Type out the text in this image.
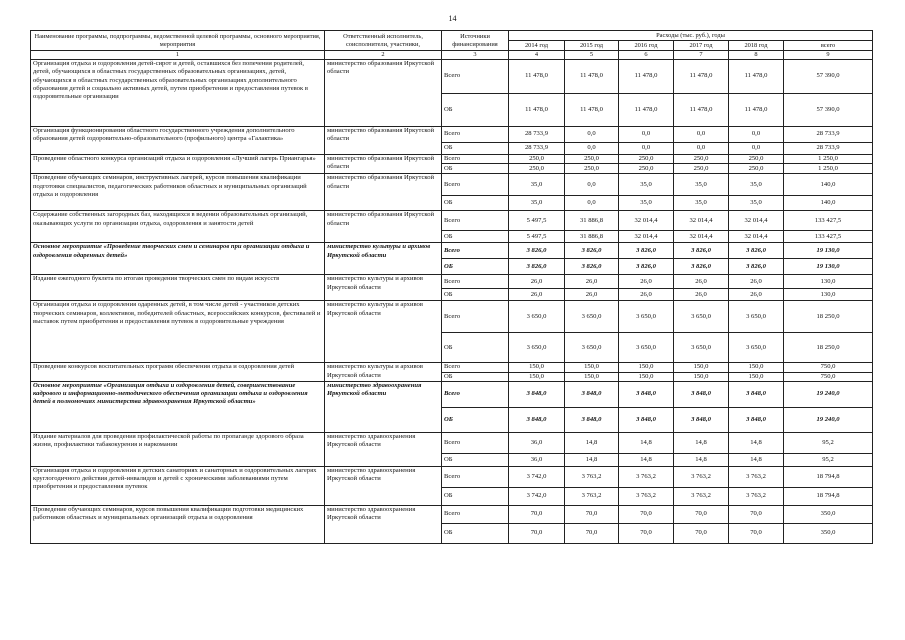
14
Наименование программы, подпрограммы, ведомственной целевой программы, основного мероприятия, мероприятия	Ответственный исполнитель, соисполнители, участники,	Источники финансирования	Расходы (тыс. руб.), годы					
			2014 год	2015 год	2016 год	2017 год	2018 год	всего
1	2	3	4	5	6	7	8	9
Организация отдыха и оздоровления детей-сирот и детей, оставшихся без попечения родителей, детей, обучающихся в областных государственных образовательных организациях, детей, обучающихся в областных государственных образовательных организациях дополнительного образования детей и социально активных детей, путем приобретения и предоставления путевок в оздоровительные организации	министерство образования Иркутской области	Всего	11 478,0	11 478,0	11 478,0	11 478,0	11 478,0	57 390,0
		ОБ	11 478,0	11 478,0	11 478,0	11 478,0	11 478,0	57 390,0
Организация функционирования областного государственного учреждения дополнительного образования детей оздоровительно-образовательного (профильного) центра «Галактика»	министерство образования Иркутской области	Всего	28 733,9	0,0	0,0	0,0	0,0	28 733,9
		ОБ	28 733,9	0,0	0,0	0,0	0,0	28 733,9
Проведение областного конкурса организаций отдыха и оздоровления «Лучший лагерь Приангарья»	министерство образования Иркутской области	Всего	250,0	250,0	250,0	250,0	250,0	1 250,0
		ОБ	250,0	250,0	250,0	250,0	250,0	1 250,0
Проведение обучающих семинаров, инструктивных лагерей, курсов повышения квалификации подготовки специалистов, педагогических работников областных и муниципальных организаций отдыха и оздоровления	министерство образования Иркутской области	Всего	35,0	0,0	35,0	35,0	35,0	140,0
		ОБ	35,0	0,0	35,0	35,0	35,0	140,0
Содержание собственных загородных баз, находящихся в ведении образовательных организаций, оказывающих услуги по организации отдыха, оздоровления и занятости детей	министерство образования Иркутской области	Всего	5 497,5	31 886,8	32 014,4	32 014,4	32 014,4	133 427,5
		ОБ	5 497,5	31 886,8	32 014,4	32 014,4	32 014,4	133 427,5
Основное мероприятие «Проведение творческих смен и семинаров при организации отдыха и оздоровления одаренных детей»	министерство культуры и архивов Иркутской области	Всего	3 826,0	3 826,0	3 826,0	3 826,0	3 826,0	19 130,0
		ОБ	3 826,0	3 826,0	3 826,0	3 826,0	3 826,0	19 130,0
Издание ежегодного буклета по итогам проведения творческих смен по видам искусств	министерство культуры и архивов Иркутской области	Всего	26,0	26,0	26,0	26,0	26,0	130,0
		ОБ	26,0	26,0	26,0	26,0	26,0	130,0
Организация отдыха и оздоровления одаренных детей, в том числе детей - участников детских творческих семинаров, коллективов, победителей областных, всероссийских конкурсов, фестивалей и выставок путем приобретения и предоставления путевок в оздоровительные учреждения	министерство культуры и архивов Иркутской области	Всего	3 650,0	3 650,0	3 650,0	3 650,0	3 650,0	18 250,0
		ОБ	3 650,0	3 650,0	3 650,0	3 650,0	3 650,0	18 250,0
Проведение конкурсов воспитательных программ обеспечения отдыха и оздоровления детей	министерство культуры и архивов Иркутской области	Всего	150,0	150,0	150,0	150,0	150,0	750,0
		ОБ	150,0	150,0	150,0	150,0	150,0	750,0
Основное мероприятие «Организация отдыха и оздоровления детей, совершенствование кадрового и информационно-методического обеспечения организации отдыха и оздоровления детей в полномочиях министерства здравоохранения Иркутской области»	министерство здравоохранения Иркутской области	Всего	3 848,0	3 848,0	3 848,0	3 848,0	3 848,0	19 240,0
		ОБ	3 848,0	3 848,0	3 848,0	3 848,0	3 848,0	19 240,0
Издание материалов для проведения профилактической работы по пропаганде здорового образа жизни, профилактики табакокурения и наркомании	министерство здравоохранения Иркутской области	Всего	36,0	14,8	14,8	14,8	14,8	95,2
		ОБ	36,0	14,8	14,8	14,8	14,8	95,2
Организация отдыха и оздоровления в детских санаториях и санаторных и оздоровительных лагерях круглогодичного действия детей-инвалидов и детей с хроническими заболеваниями путем приобретения и предоставления путевок	министерство здравоохранения Иркутской области	Всего	3 742,0	3 763,2	3 763,2	3 763,2	3 763,2	18 794,8
		ОБ	3 742,0	3 763,2	3 763,2	3 763,2	3 763,2	18 794,8
Проведение обучающих семинаров, курсов повышения квалификации подготовки медицинских работников областных и муниципальных организаций отдыха и оздоровления	министерство здравоохранения Иркутской области	Всего	70,0	70,0	70,0	70,0	70,0	350,0
		ОБ	70,0	70,0	70,0	70,0	70,0	350,0
